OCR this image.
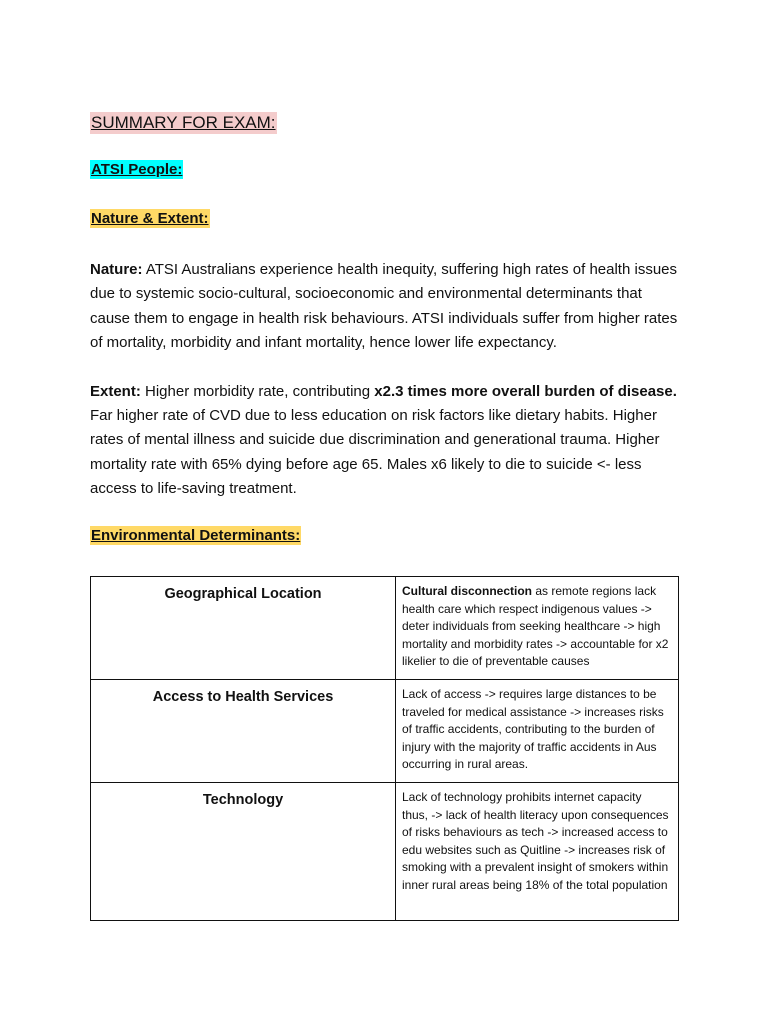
SUMMARY FOR EXAM:
ATSI People:
Nature & Extent:

Nature: ATSI Australians experience health inequity, suffering high rates of health issues due to systemic socio-cultural, socioeconomic and environmental determinants that cause them to engage in health risk behaviours. ATSI individuals suffer from higher rates of mortality, morbidity and infant mortality, hence lower life expectancy.

Extent: Higher morbidity rate, contributing x2.3 times more overall burden of disease. Far higher rate of CVD due to less education on risk factors like dietary habits. Higher rates of mental illness and suicide due discrimination and generational trauma. Higher mortality rate with 65% dying before age 65. Males x6 likely to die to suicide <- less access to life-saving treatment.

Environmental Determinants:
Geographical Location	Cultural disconnection as remote regions lack health care which respect indigenous values -> deter individuals from seeking healthcare -> high mortality and morbidity rates -> accountable for x2 likelier to die of preventable causes
Access to Health Services	Lack of access -> requires large distances to be traveled for medical assistance -> increases risks of traffic accidents, contributing to the burden of injury with the majority of traffic accidents in Aus occurring in rural areas.
Technology	Lack of technology prohibits internet capacity thus, -> lack of health literacy upon consequences of risks behaviours as tech -> increased access to edu websites such as Quitline -> increases risk of smoking with a prevalent insight of smokers within inner rural areas being 18% of the total population
